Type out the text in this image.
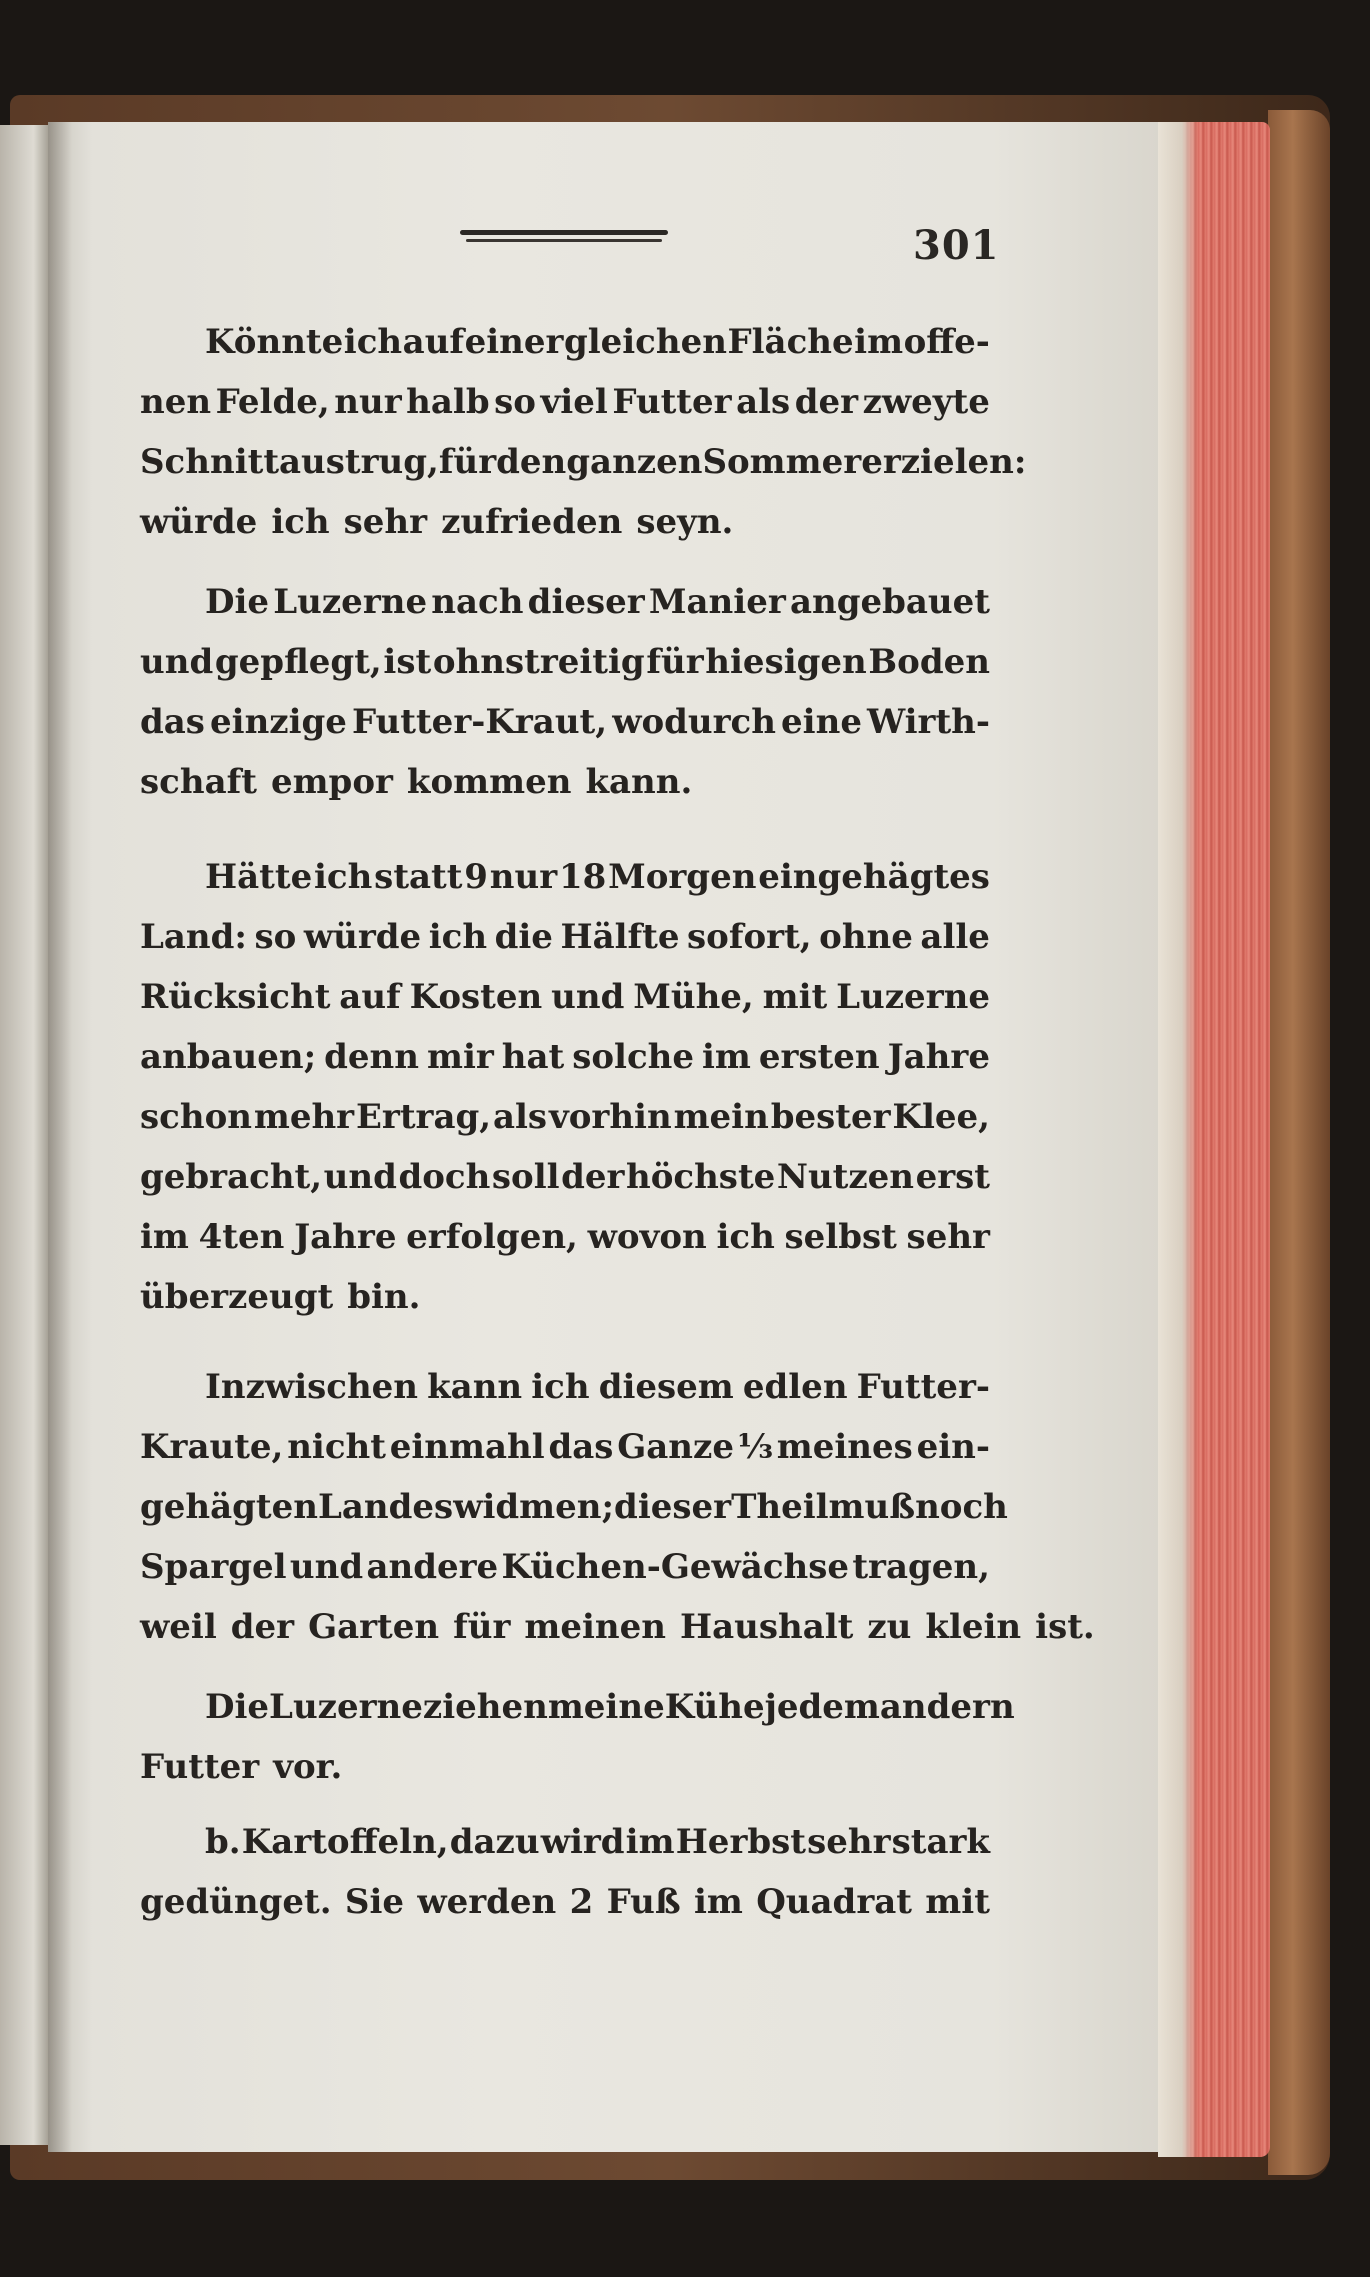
301
Könnte ich auf einer gleichen Fläche im offe-
nen Felde, nur halb so viel Futter als der zweyte
Schnitt austrug, für den ganzen Sommer erzielen:
würde ich sehr zufrieden seyn.
Die Luzerne nach dieser Manier angebauet
und gepflegt, ist ohnstreitig für hiesigen Boden
das einzige Futter-Kraut, wodurch eine Wirth-
schaft empor kommen kann.
Hätte ich statt 9 nur 18 Morgen eingehägtes
Land: so würde ich die Hälfte sofort, ohne alle
Rücksicht auf Kosten und Mühe, mit Luzerne
anbauen; denn mir hat solche im ersten Jahre
schon mehr Ertrag, als vorhin mein bester Klee,
gebracht, und doch soll der höchste Nutzen erst
im 4ten Jahre erfolgen, wovon ich selbst sehr
überzeugt bin.
Inzwischen kann ich diesem edlen Futter-
Kraute, nicht einmahl das Ganze ⅓ meines ein-
gehägten Landes widmen; dieser Theil muß noch
Spargel und andere Küchen-Gewächse tragen,
weil der Garten für meinen Haushalt zu klein ist.
Die Luzerne ziehen meine Kühe jedem andern
Futter vor.
b. Kartoffeln, dazu wird im Herbst sehr stark
gedünget. Sie werden 2 Fuß im Quadrat mit
